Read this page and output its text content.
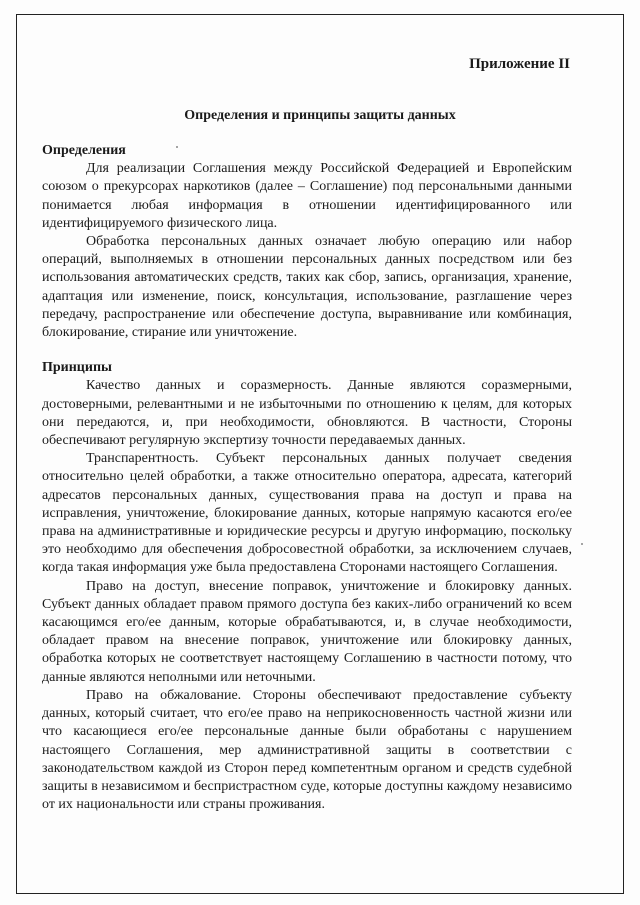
Приложение II
Определения и принципы защиты данных

Определения

Для реализации Соглашения между Российской Федерацией и Европейским союзом о прекурсорах наркотиков (далее – Соглашение) под персональными данными понимается любая информация в отношении идентифицированного или идентифицируемого физического лица.

Обработка персональных данных означает любую операцию или набор операций, выполняемых в отношении персональных данных посредством или без использования автоматических средств, таких как сбор, запись, организация, хранение, адаптация или изменение, поиск, консультация, использование, разглашение через передачу, распространение или обеспечение доступа, выравнивание или комбинация, блокирование, стирание или уничтожение.

Принципы

Качество данных и соразмерность. Данные являются соразмерными, достоверными, релевантными и не избыточными по отношению к целям, для которых они передаются, и, при необходимости, обновляются. В частности, Стороны обеспечивают регулярную экспертизу точности передаваемых данных.

Транспарентность. Субъект персональных данных получает сведения относительно целей обработки, а также относительно оператора, адресата, категорий адресатов персональных данных, существования права на доступ и права на исправления, уничтожение, блокирование данных, которые напрямую касаются его/ее права на административные и юридические ресурсы и другую информацию, поскольку это необходимо для обеспечения добросовестной обработки, за исключением случаев, когда такая информация уже была предоставлена Сторонами настоящего Соглашения.

Право на доступ, внесение поправок, уничтожение и блокировку данных. Субъект данных обладает правом прямого доступа без каких-либо ограничений ко всем касающимся его/ее данным, которые обрабатываются, и, в случае необходимости, обладает правом на внесение поправок, уничтожение или блокировку данных, обработка которых не соответствует настоящему Соглашению в частности потому, что данные являются неполными или неточными.

Право на обжалование. Стороны обеспечивают предоставление субъекту данных, который считает, что его/ее право на неприкосновенность частной жизни или что касающиеся его/ее персональные данные были обработаны с нарушением настоящего Соглашения, мер административной защиты в соответствии с законодательством каждой из Сторон перед компетентным органом и средств судебной защиты в независимом и беспристрастном суде, которые доступны каждому независимо от их национальности или страны проживания.
